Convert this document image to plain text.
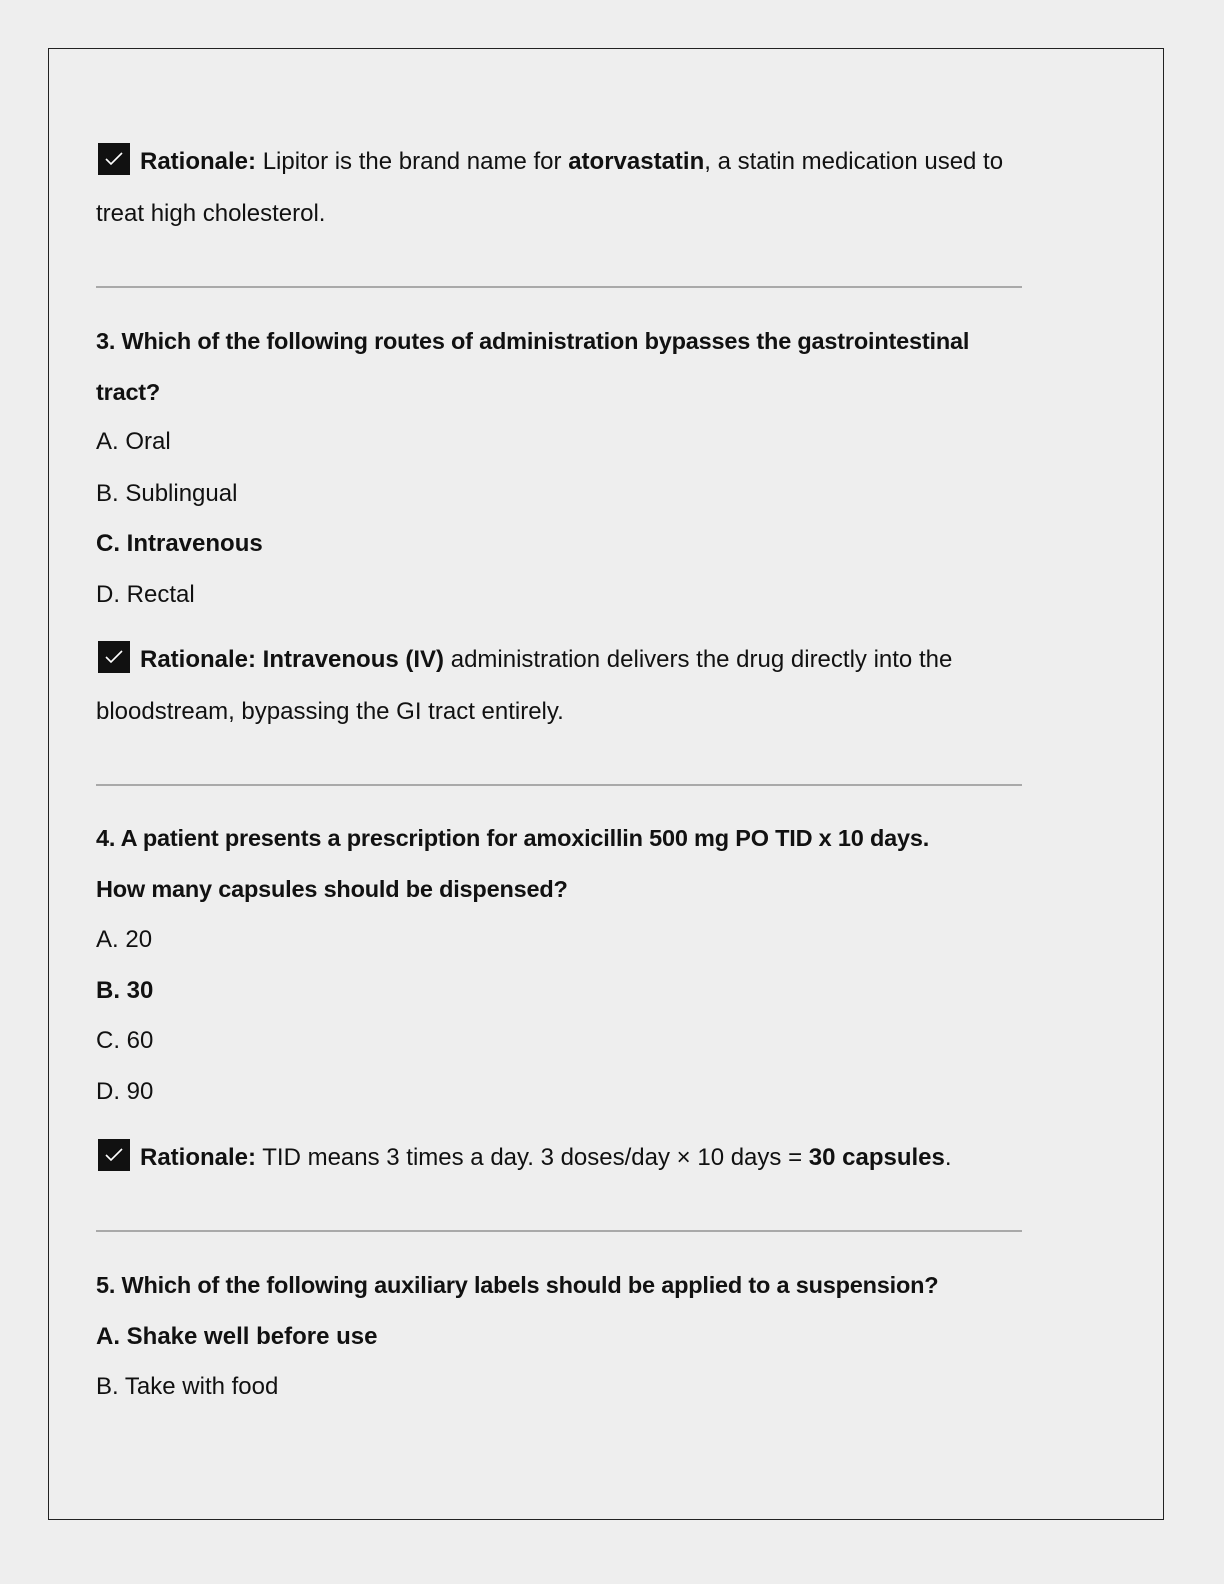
Rationale: Lipitor is the brand name for atorvastatin, a statin medication used to treat high cholesterol.
3. Which of the following routes of administration bypasses the gastrointestinal tract?
A. Oral
B. Sublingual
C. Intravenous
D. Rectal
Rationale: Intravenous (IV) administration delivers the drug directly into the bloodstream, bypassing the GI tract entirely.
4. A patient presents a prescription for amoxicillin 500 mg PO TID x 10 days.
How many capsules should be dispensed?
A. 20
B. 30
C. 60
D. 90
Rationale: TID means 3 times a day. 3 doses/day × 10 days = 30 capsules.
5. Which of the following auxiliary labels should be applied to a suspension?
A. Shake well before use
B. Take with food
